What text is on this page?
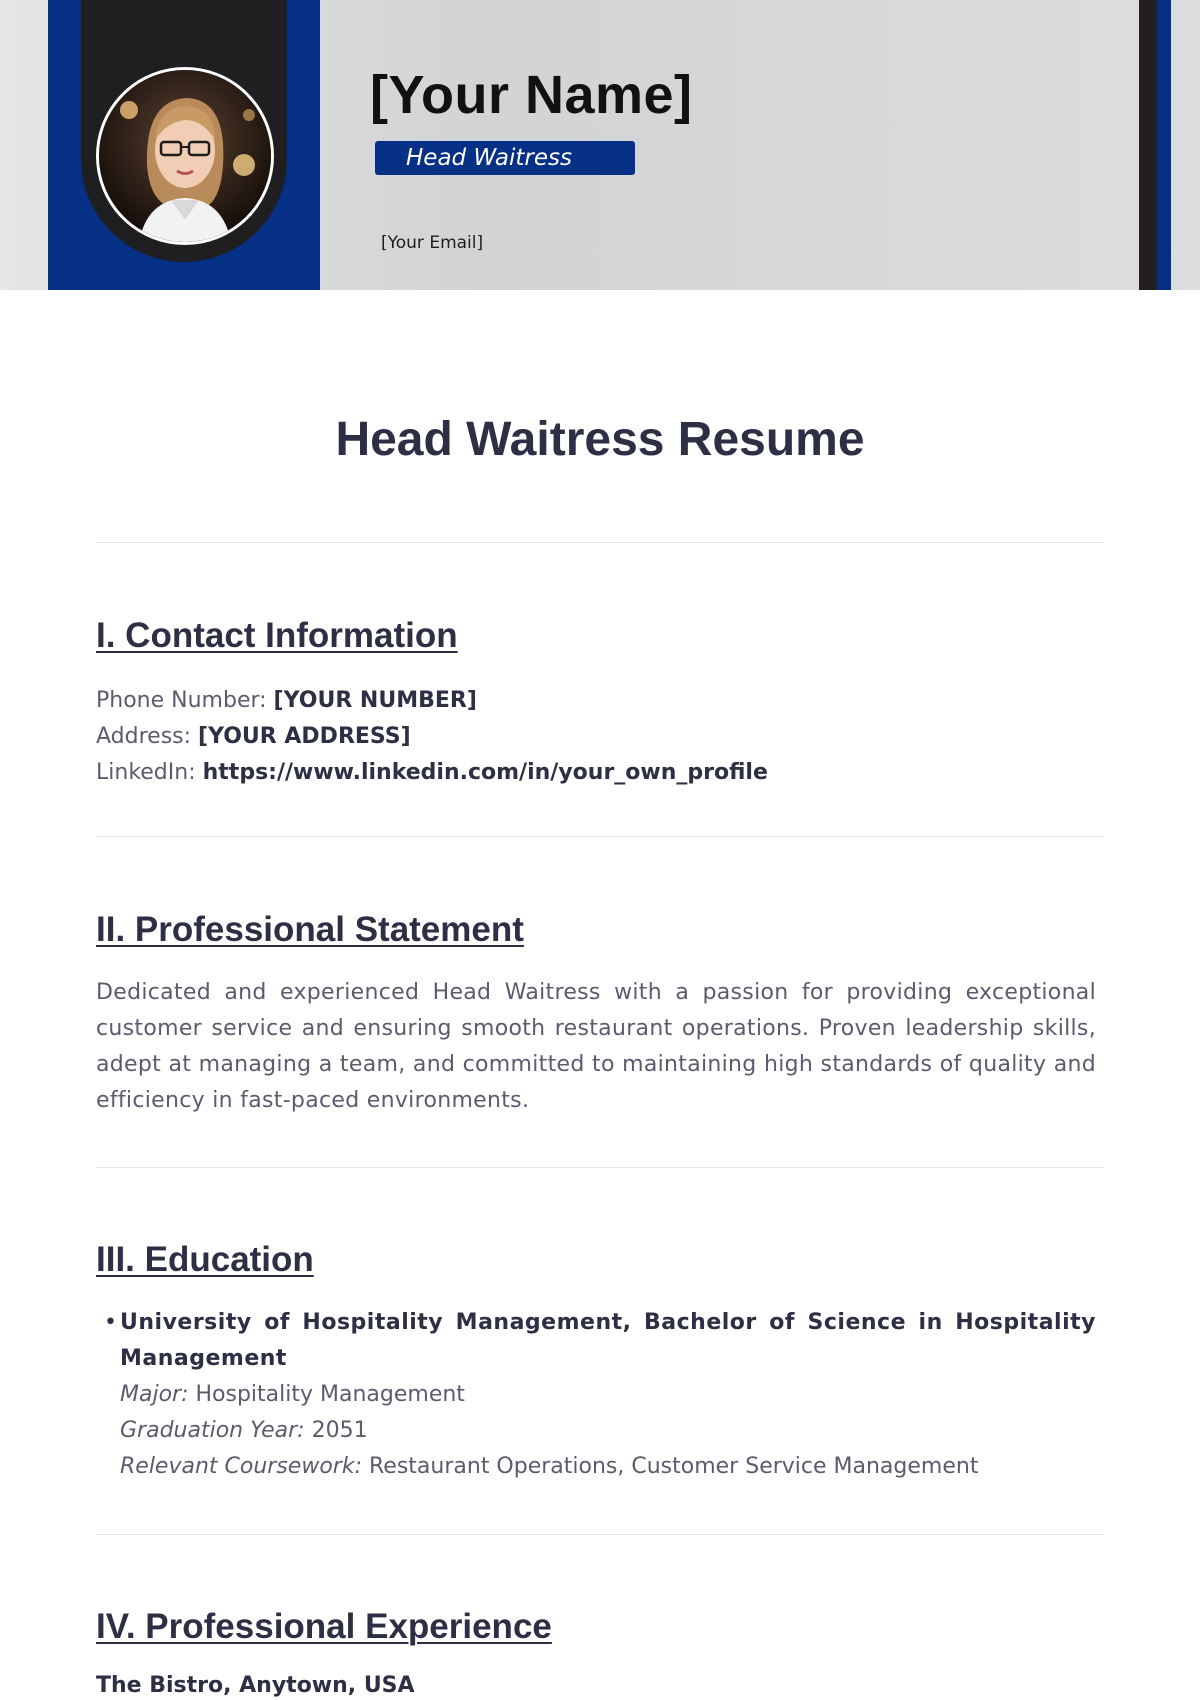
[Your Name]
Head Waitress
[Your Email]
Head Waitress Resume
I. Contact Information
Phone Number: [YOUR NUMBER]
Address: [YOUR ADDRESS]
LinkedIn: https://www.linkedin.com/in/your_own_profile
II. Professional Statement
Dedicated and experienced Head Waitress with a passion for providing exceptional customer service and ensuring smooth restaurant operations. Proven leadership skills, adept at managing a team, and committed to maintaining high standards of quality and efficiency in fast-paced environments.
III. Education
• University of Hospitality Management, Bachelor of Science in Hospitality Management
Major: Hospitality Management
Graduation Year: 2051
Relevant Coursework: Restaurant Operations, Customer Service Management
IV. Professional Experience
The Bistro, Anytown, USA
